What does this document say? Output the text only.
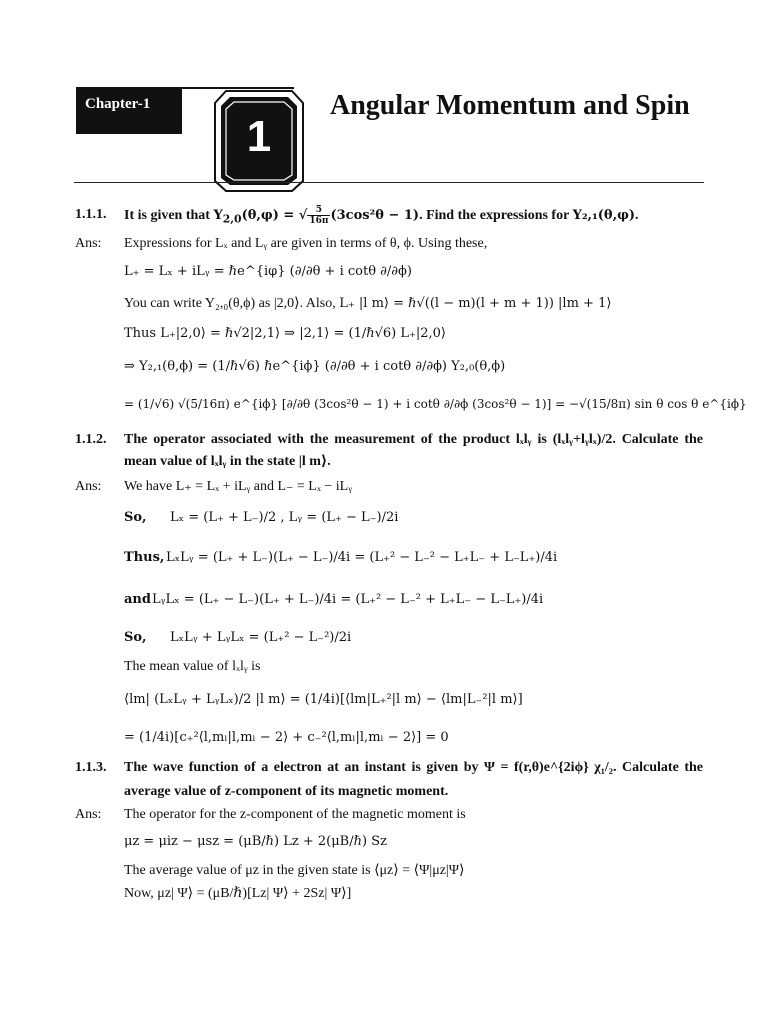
Chapter-1
1
Angular Momentum and Spin
1.1.1. It is given that $Y_{2,0}(\theta,\varphi)$ = √ $\frac{5}{16\pi} (3\cos^2\theta - 1)$. Find the expressions for Y₂,₁(θ,φ).
Ans: Expressions for Lₓ and Lᵧ are given in terms of θ, ϕ. Using these,
L₊ = Lₓ + iLᵧ = ℏe^{iφ} (∂/∂θ + i cotθ ∂/∂ϕ)
You can write Y₂,₀(θ,ϕ) as |2,0⟩. Also, L₊ |l m⟩ = ℏ√((l − m)(l + m + 1)) |lm + 1⟩
Thus L₊|2,0⟩ = ℏ√2|2,1⟩ ⇒ |2,1⟩ = (1/ℏ√6) L₊|2,0⟩
⇒ Y₂,₁(θ,ϕ) = (1/ℏ√6) ℏe^{iϕ} (∂/∂θ + i cotθ ∂/∂ϕ) Y₂,₀(θ,ϕ)
= (1/√6) √(5/16π) e^{iϕ} [∂/∂θ (3cos²θ − 1) + i cotθ ∂/∂ϕ (3cos²θ − 1)] = −√(15/8π) sin θ cos θ e^{iϕ}
1.1.2. The operator associated with the measurement of the product lₓlᵧ is (lₓlᵧ+lᵧlₓ)/2. Calculate the
mean value of lₓlᵧ in the state |l m⟩.
Ans: We have L₊ = Lₓ + iLᵧ and L₋ = Lₓ − iLᵧ
So, Lₓ = (L₊ + L₋)/2 , Lᵧ = (L₊ − L₋)/2i
Thus, LₓLᵧ = (L₊ + L₋)(L₊ − L₋)/4i = (L₊² − L₋² − L₊L₋ + L₋L₊)/4i
and LᵧLₓ = (L₊ − L₋)(L₊ + L₋)/4i = (L₊² − L₋² + L₊L₋ − L₋L₊)/4i
So, LₓLᵧ + LᵧLₓ = (L₊² − L₋²)/2i
The mean value of lₓlᵧ is
⟨lm| (LₓLᵧ + LᵧLₓ)/2 |l m⟩ = (1/4i)[⟨lm|L₊²|l m⟩ − ⟨lm|L₋²|l m⟩]
= (1/4i)[c₊²⟨l,mₗ|l,mₗ − 2⟩ + c₋²⟨l,mₗ|l,mₗ − 2⟩] = 0
1.1.3. The wave function of a electron at an instant is given by Ψ = f(r,θ)e^{2iϕ} χ₁/₂. Calculate the
average value of z-component of its magnetic moment.
Ans: The operator for the z-component of the magnetic moment is
μz = μiz − μsz = (μB/ℏ) Lz + 2(μB/ℏ) Sz
The average value of μz in the given state is ⟨μz⟩ = ⟨Ψ|μz|Ψ⟩
Now, μz| Ψ⟩ = (μB/ℏ)[Lz| Ψ⟩ + 2Sz| Ψ⟩]
